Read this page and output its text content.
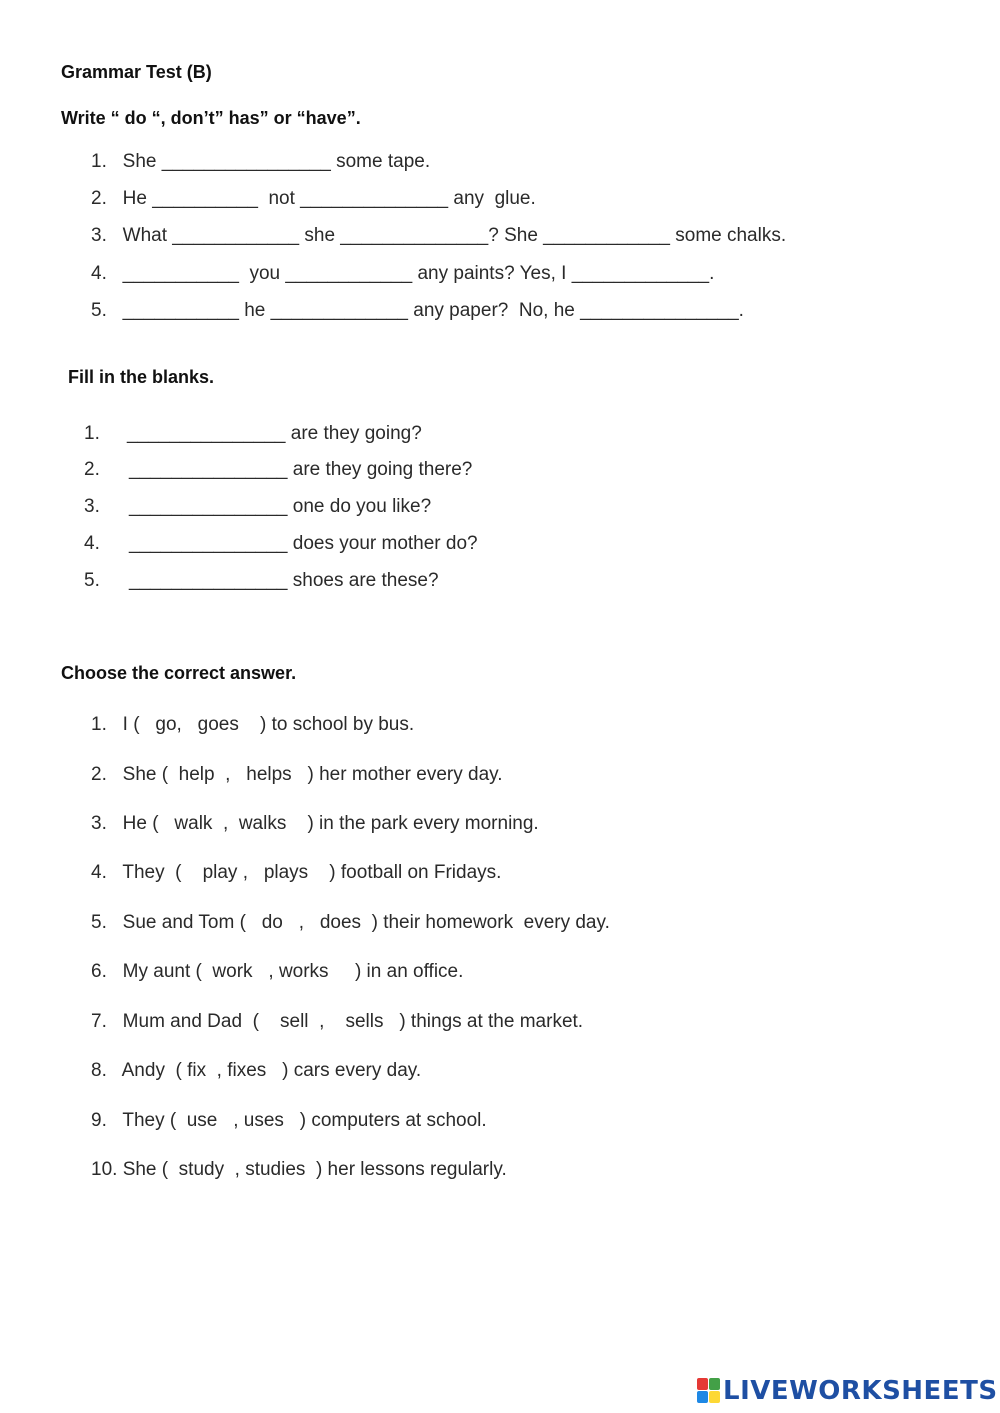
Grammar Test (B)
Write “ do “, don’t” has” or “have”.
1.   She ________________ some tape.
2.   He __________  not ______________ any  glue.
3.   What ____________ she ______________? She ____________ some chalks.
4.   ___________  you ____________ any paints? Yes, I _____________.
5.   ___________ he _____________ any paper?  No, he _______________.
Fill in the blanks.
1. _______________ are they going?
2. _______________ are they going there?
3. _______________ one do you like?
4. _______________ does your mother do?
5. _______________ shoes are these?
Choose the correct answer.
1.   I (   go,   goes    ) to school by bus.
2.   She (  help  ,   helps   ) her mother every day.
3.   He (   walk  ,  walks    ) in the park every morning.
4.   They  (    play ,   plays    ) football on Fridays.
5.   Sue and Tom (   do   ,   does  ) their homework  every day.
6.   My aunt (  work   , works     ) in an office.
7.   Mum and Dad  (    sell  ,    sells   ) things at the market.
8.   Andy  ( fix  , fixes   ) cars every day.
9.   They (  use   , uses   ) computers at school.
10. She (  study  , studies  ) her lessons regularly.
LIVEWORKSHEETS
